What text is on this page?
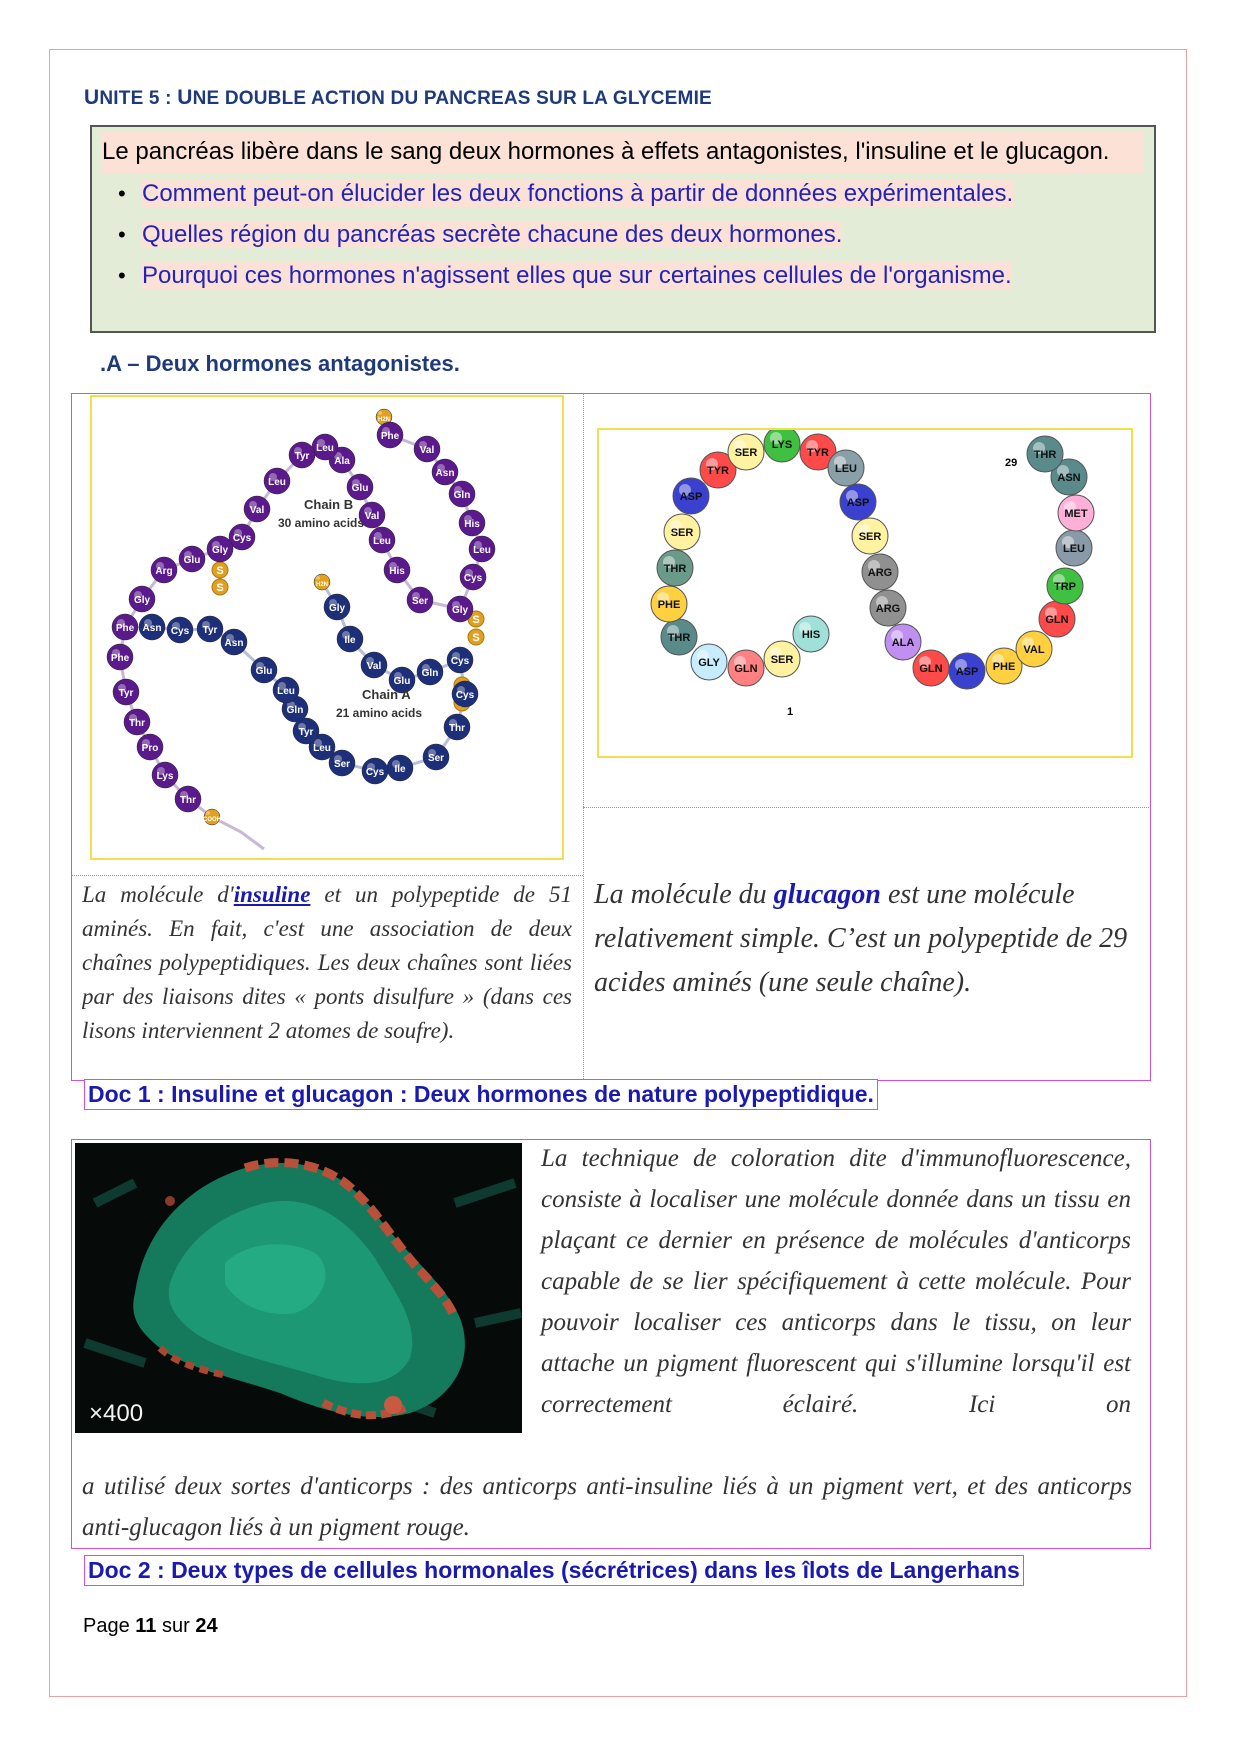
UNITE 5 : UNE DOUBLE ACTION DU PANCREAS SUR LA GLYCEMIE

Le pancréas libère dans le sang deux hormones à effets antagonistes, l'insuline et le glucagon.

• Comment peut-on élucider les deux fonctions à partir de données expérimentales.
• Quelles région du pancréas secrète chacune des deux hormones.
• Pourquoi ces hormones n'agissent elles que sur certaines cellules de l'organisme.
.A – Deux hormones antagonistes.
S
S
S
S
H2N
Phe
Val
Asn
Gln
His
Leu
Cys
Gly
Ser
His
Leu
Val
Glu
Ala
Leu
Tyr
Leu
Val
Cys
Gly
Glu
Arg
Gly
Phe
Phe
Tyr
Thr
Pro
Lys
Thr
COOH
H2N
Gly
Ile
Val
Glu
Gln
Cys
Cys
Thr
Ser
Ile
Cys
Ser
Leu
Tyr
Gln
Leu
Glu
Asn
Tyr
Cys
Asn
Chain B
30 amino acids
Chain A
21 amino acids
HIS
SER
GLN
GLY
THR
PHE
THR
SER
ASP
TYR
SER
LYS
TYR
LEU
ASP
SER
ARG
ARG
ALA
GLN ASP PHE
VAL
GLN
TRP
LEU
MET
ASN
THR
1
29
La molécule d'insuline et un polypeptide de 51 aminés. En fait, c'est une association de deux chaînes polypeptidiques. Les deux chaînes sont liées par des liaisons dites « ponts disulfure » (dans ces lisons interviennent 2 atomes de soufre).
La molécule du glucagon est une molécule relativement simple. C’est un polypeptide de 29 acides aminés (une seule chaîne).
Doc 1 : Insuline et glucagon : Deux hormones de nature polypeptidique.
×400
La technique de coloration dite d'immunofluorescence, consiste à localiser une molécule donnée dans un tissu en plaçant ce dernier en présence de molécules d'anticorps capable de se lier spécifiquement à cette molécule. Pour pouvoir localiser ces anticorps dans le tissu, on leur attache un pigment fluorescent qui s'illumine lorsqu'il est correctement éclairé. Ici on
a utilisé deux sortes d'anticorps : des anticorps anti-insuline liés à un pigment vert, et des anticorps anti-glucagon liés à un pigment rouge.
Doc 2 : Deux types de cellules hormonales (sécrétrices) dans les îlots de Langerhans
Page 11 sur 24
